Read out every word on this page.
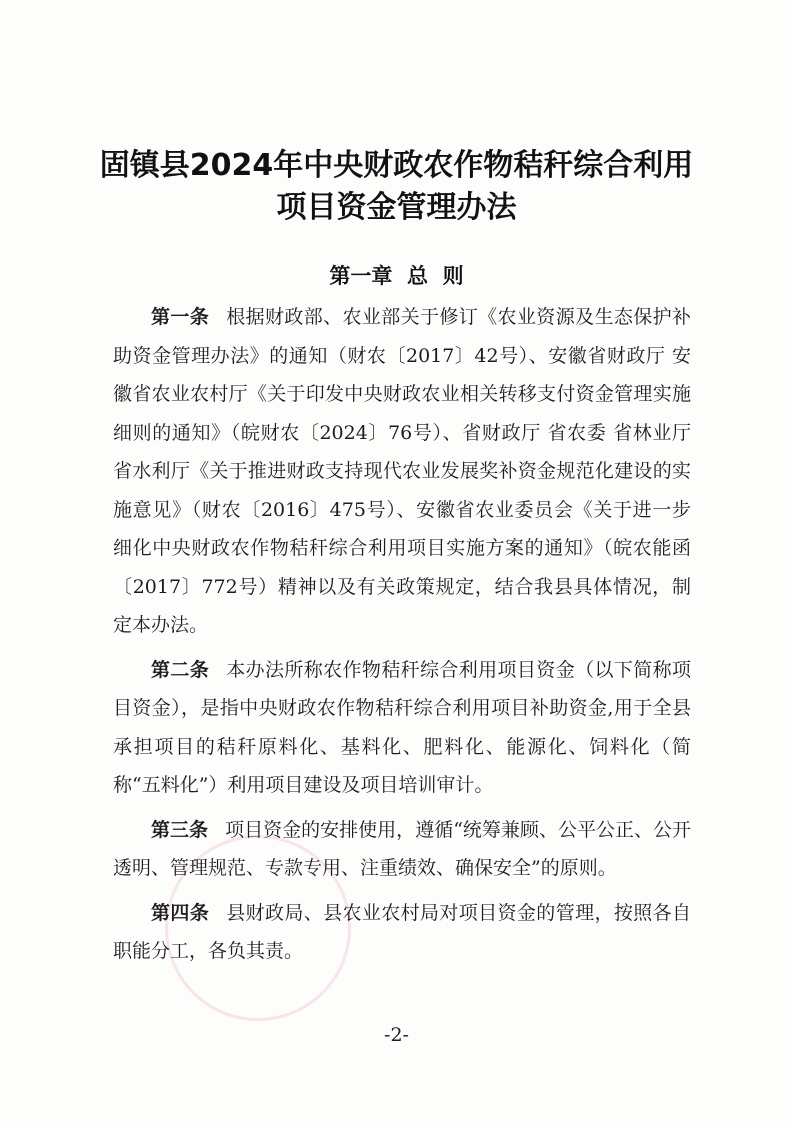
固镇县2024年中央财政农作物秸秆综合利用
项目资金管理办法
第一章  总  则

第一条 根据财政部、农业部关于修订《农业资源及生态保护补助资金管理办法》的通知（财农〔2017〕42号）、安徽省财政厅 安徽省农业农村厅《关于印发中央财政农业相关转移支付资金管理实施细则的通知》（皖财农〔2024〕76号）、省财政厅 省农委 省林业厅 省水利厅《关于推进财政支持现代农业发展奖补资金规范化建设的实施意见》（财农〔2016〕475号）、安徽省农业委员会《关于进一步细化中央财政农作物秸秆综合利用项目实施方案的通知》（皖农能函〔2017〕772号）精神以及有关政策规定，结合我县具体情况，制定本办法。

第二条 本办法所称农作物秸秆综合利用项目资金（以下简称项目资金），是指中央财政农作物秸秆综合利用项目补助资金,用于全县承担项目的秸秆原料化、基料化、肥料化、能源化、饲料化（简称“五料化”）利用项目建设及项目培训审计。

第三条 项目资金的安排使用，遵循“统筹兼顾、公平公正、公开透明、管理规范、专款专用、注重绩效、确保安全”的原则。

第四条 县财政局、县农业农村局对项目资金的管理，按照各自职能分工，各负其责。

-2-
